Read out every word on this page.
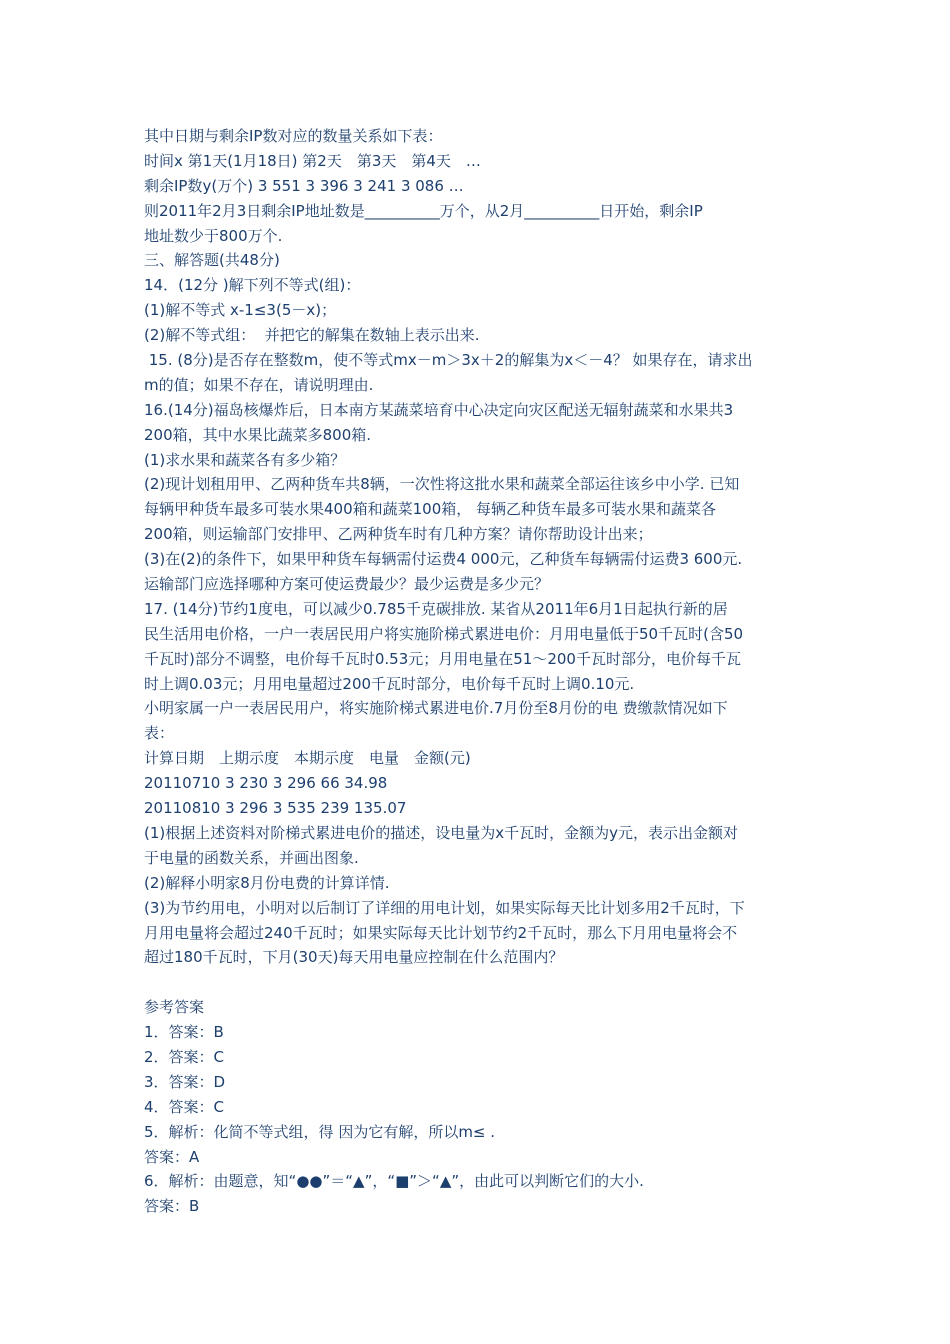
其中日期与剩余IP数对应的数量关系如下表：
时间x 第1天(1月18日) 第2天　第3天　第4天　…
剩余IP数y(万个) 3 551 3 396 3 241 3 086 …
则2011年2月3日剩余IP地址数是__________万个，从2月__________日开始，剩余IP
地址数少于800万个.
三、解答题(共48分)
14．(12分 )解下列不等式(组)：
(1)解不等式 x-1≤3(5－x)；
(2)解不等式组：  并把它的解集在数轴上表示出来.
15. (8分)是否存在整数m，使不等式mx－m＞3x＋2的解集为x＜－4？ 如果存在，请求出
m的值；如果不存在，请说明理由.
16.(14分)福岛核爆炸后，日本南方某蔬菜培育中心决定向灾区配送无辐射蔬菜和水果共3
200箱，其中水果比蔬菜多800箱.
(1)求水果和蔬菜各有多少箱？
(2)现计划租用甲、乙两种货车共8辆，一次性将这批水果和蔬菜全部运往该乡中小学. 已知
每辆甲种货车最多可装水果400箱和蔬菜100箱， 每辆乙种货车最多可装水果和蔬菜各
200箱，则运输部门安排甲、乙两种货车时有几种方案？请你帮助设计出来；
(3)在(2)的条件下，如果甲种货车每辆需付运费4 000元，乙种货车每辆需付运费3 600元.
运输部门应选择哪种方案可使运费最少？最少运费是多少元？
17. (14分)节约1度电，可以减少0.785千克碳排放. 某省从2011年6月1日起执行新的居
民生活用电价格，一户一表居民用户将实施阶梯式累进电价：月用电量低于50千瓦时(含50
千瓦时)部分不调整，电价每千瓦时0.53元；月用电量在51～200千瓦时部分，电价每千瓦
时上调0.03元；月用电量超过200千瓦时部分，电价每千瓦时上调0.10元.
小明家属一户一表居民用户，将实施阶梯式累进电价.7月份至8月份的电 费缴款情况如下
表：
计算日期　上期示度　本期示度　电量　金额(元)
20110710 3 230 3 296 66 34.98
20110810 3 296 3 535 239 135.07
(1)根据上述资料对阶梯式累进电价的描述，设电量为x千瓦时，金额为y元，表示出金额对
于电量的函数关系，并画出图象.
(2)解释小明家8月份电费的计算详情.
(3)为节约用电，小明对以后制订了详细的用电计划，如果实际每天比计划多用2千瓦时，下
月用电量将会超过240千瓦时；如果实际每天比计划节约2千瓦时，那么下月用电量将会不
超过180千瓦时，下月(30天)每天用电量应控制在什么范围内？
参考答案
1．答案：B
2．答案：C
3．答案：D
4．答案：C
5．解析：化简不等式组，得 因为它有解，所以m≤ .
答案：A
6．解析：由题意，知“●●”＝“▲”，“■”＞“▲”，由此可以判断它们的大小.
答案：B
